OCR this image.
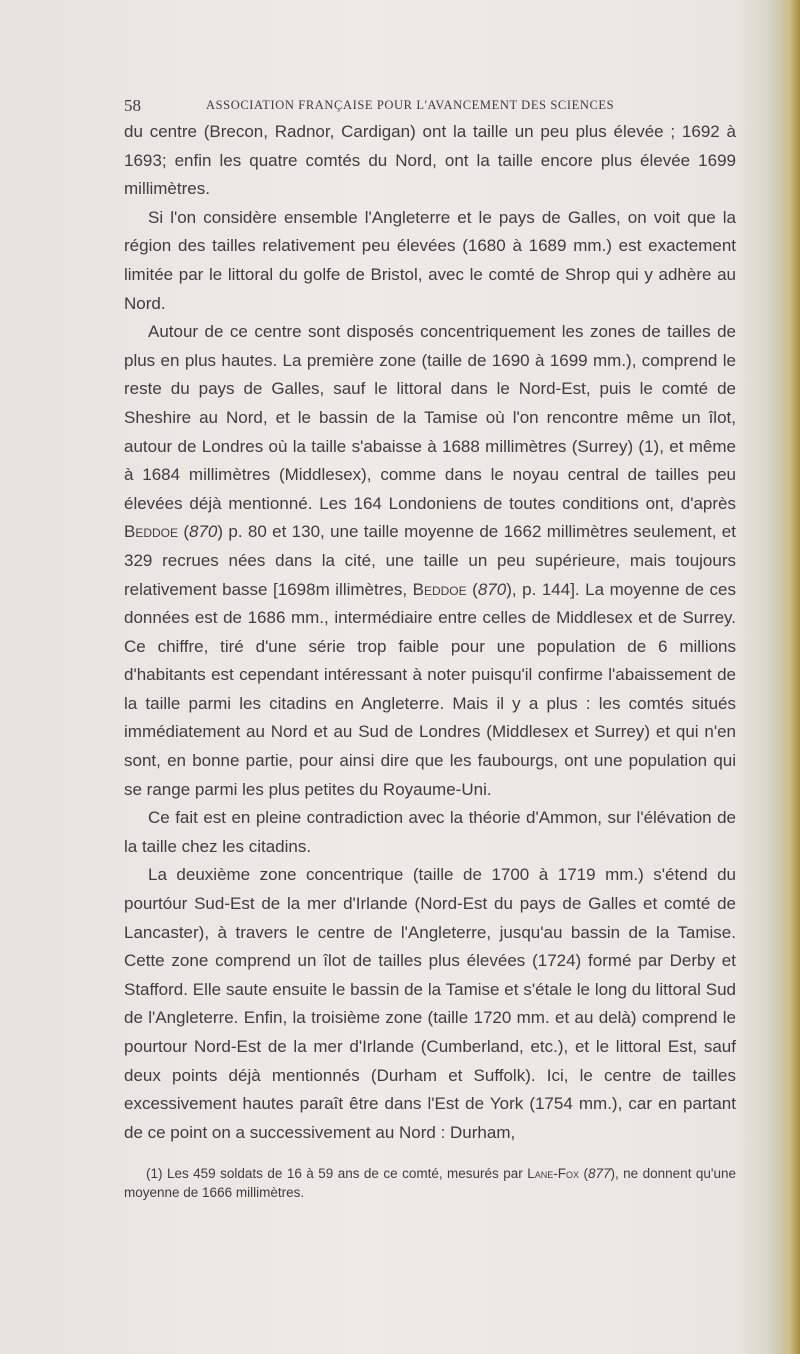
58	ASSOCIATION FRANÇAISE POUR L'AVANCEMENT DES SCIENCES

du centre (Brecon, Radnor, Cardigan) ont la taille un peu plus élevée ; 1692 à 1693; enfin les quatre comtés du Nord, ont la taille encore plus élevée 1699 millimètres.

Si l'on considère ensemble l'Angleterre et le pays de Galles, on voit que la région des tailles relativement peu élevées (1680 à 1689 mm.) est exactement limitée par le littoral du golfe de Bristol, avec le comté de Shrop qui y adhère au Nord.

Autour de ce centre sont disposés concentriquement les zones de tailles de plus en plus hautes. La première zone (taille de 1690 à 1699 mm.), comprend le reste du pays de Galles, sauf le littoral dans le Nord-Est, puis le comté de Sheshire au Nord, et le bassin de la Tamise où l'on rencontre même un îlot, autour de Londres où la taille s'abaisse à 1688 millimètres (Surrey) (1), et même à 1684 millimètres (Middlesex), comme dans le noyau central de tailles peu élevées déjà mentionné. Les 164 Londoniens de toutes conditions ont, d'après Beddoe (870) p. 80 et 130, une taille moyenne de 1662 millimètres seulement, et 329 recrues nées dans la cité, une taille un peu supérieure, mais toujours relativement basse [1698m illimètres, Beddoe (870), p. 144]. La moyenne de ces données est de 1686 mm., intermédiaire entre celles de Middlesex et de Surrey. Ce chiffre, tiré d'une série trop faible pour une population de 6 millions d'habitants est cependant intéressant à noter puisqu'il confirme l'abaissement de la taille parmi les citadins en Angleterre. Mais il y a plus : les comtés situés immédiatement au Nord et au Sud de Londres (Middlesex et Surrey) et qui n'en sont, en bonne partie, pour ainsi dire que les faubourgs, ont une population qui se range parmi les plus petites du Royaume-Uni.

Ce fait est en pleine contradiction avec la théorie d'Ammon, sur l'élévation de la taille chez les citadins.

La deuxième zone concentrique (taille de 1700 à 1719 mm.) s'étend du pourtóur Sud-Est de la mer d'Irlande (Nord-Est du pays de Galles et comté de Lancaster), à travers le centre de l'Angleterre, jusqu'au bassin de la Tamise. Cette zone comprend un îlot de tailles plus élevées (1724) formé par Derby et Stafford. Elle saute ensuite le bassin de la Tamise et s'étale le long du littoral Sud de l'Angleterre. Enfin, la troisième zone (taille 1720 mm. et au delà) comprend le pourtour Nord-Est de la mer d'Irlande (Cumberland, etc.), et le littoral Est, sauf deux points déjà mentionnés (Durham et Suffolk). Ici, le centre de tailles excessivement hautes paraît être dans l'Est de York (1754 mm.), car en partant de ce point on a successivement au Nord : Durham,

(1) Les 459 soldats de 16 à 59 ans de ce comté, mesurés par Lane-Fox (877), ne donnent qu'une moyenne de 1666 millimètres.
